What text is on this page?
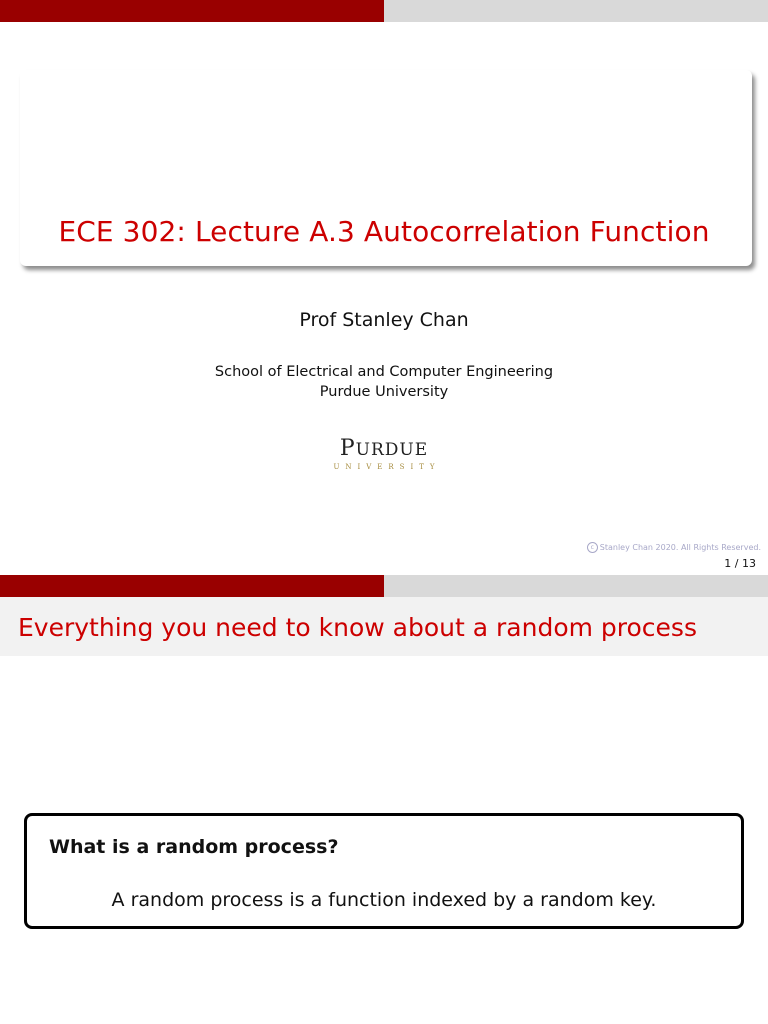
ECE 302: Lecture A.3 Autocorrelation Function
Prof Stanley Chan
School of Electrical and Computer Engineering
Purdue University
PURDUE
UNIVERSITY
c Stanley Chan 2020. All Rights Reserved.
1 / 13
Everything you need to know about a random process
What is a random process?
A random process is a function indexed by a random key.
